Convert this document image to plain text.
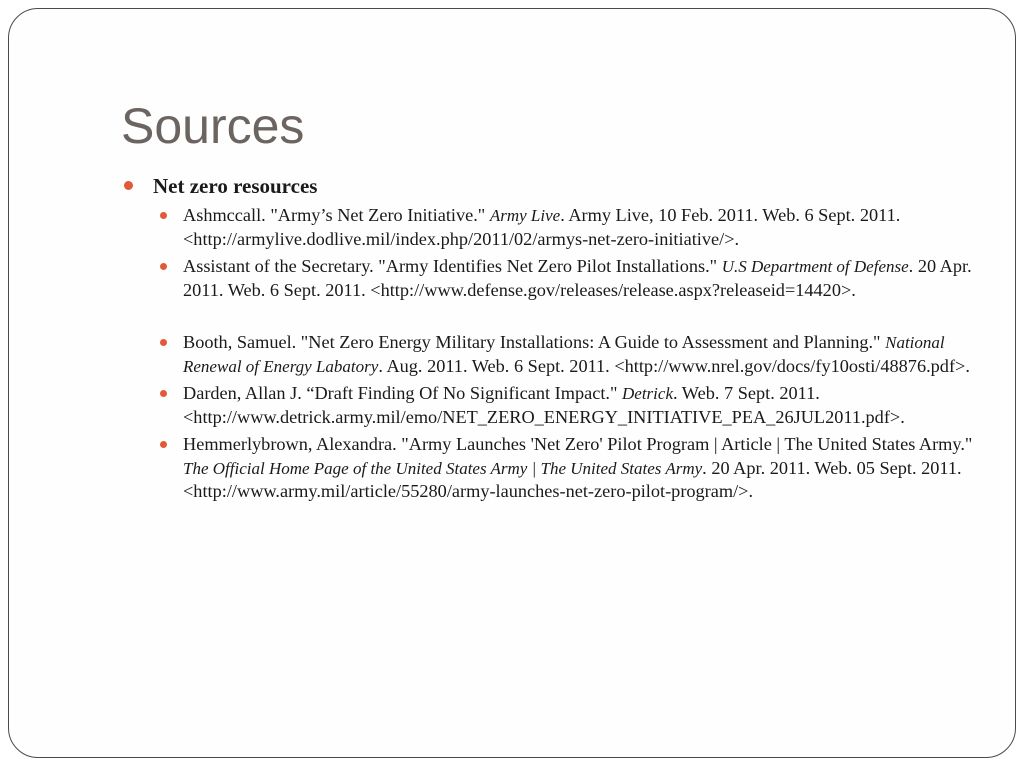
Sources
Net zero resources
Ashmccall. "Army’s Net Zero Initiative." Army Live. Army Live, 10 Feb. 2011. Web. 6 Sept. 2011. <http://armylive.dodlive.mil/index.php/2011/02/armys-net-zero-initiative/>.
Assistant of the Secretary. "Army Identifies Net Zero Pilot Installations." U.S Department of Defense. 20 Apr. 2011. Web. 6 Sept. 2011. <http://www.defense.gov/releases/release.aspx?releaseid=14420>.
Booth, Samuel. "Net Zero Energy Military Installations: A Guide to Assessment and Planning." National Renewal of Energy Labatory. Aug. 2011. Web. 6 Sept. 2011. <http://www.nrel.gov/docs/fy10osti/48876.pdf>.
Darden, Allan J. “Draft Finding Of No Significant Impact." Detrick. Web. 7 Sept. 2011. <http://www.detrick.army.mil/emo/NET_ZERO_ENERGY_INITIATIVE_PEA_26JUL2011.pdf>.
Hemmerlybrown, Alexandra. "Army Launches 'Net Zero' Pilot Program | Article | The United States Army." The Official Home Page of the United States Army | The United States Army. 20 Apr. 2011. Web. 05 Sept. 2011. <http://www.army.mil/article/55280/army-launches-net-zero-pilot-program/>.
